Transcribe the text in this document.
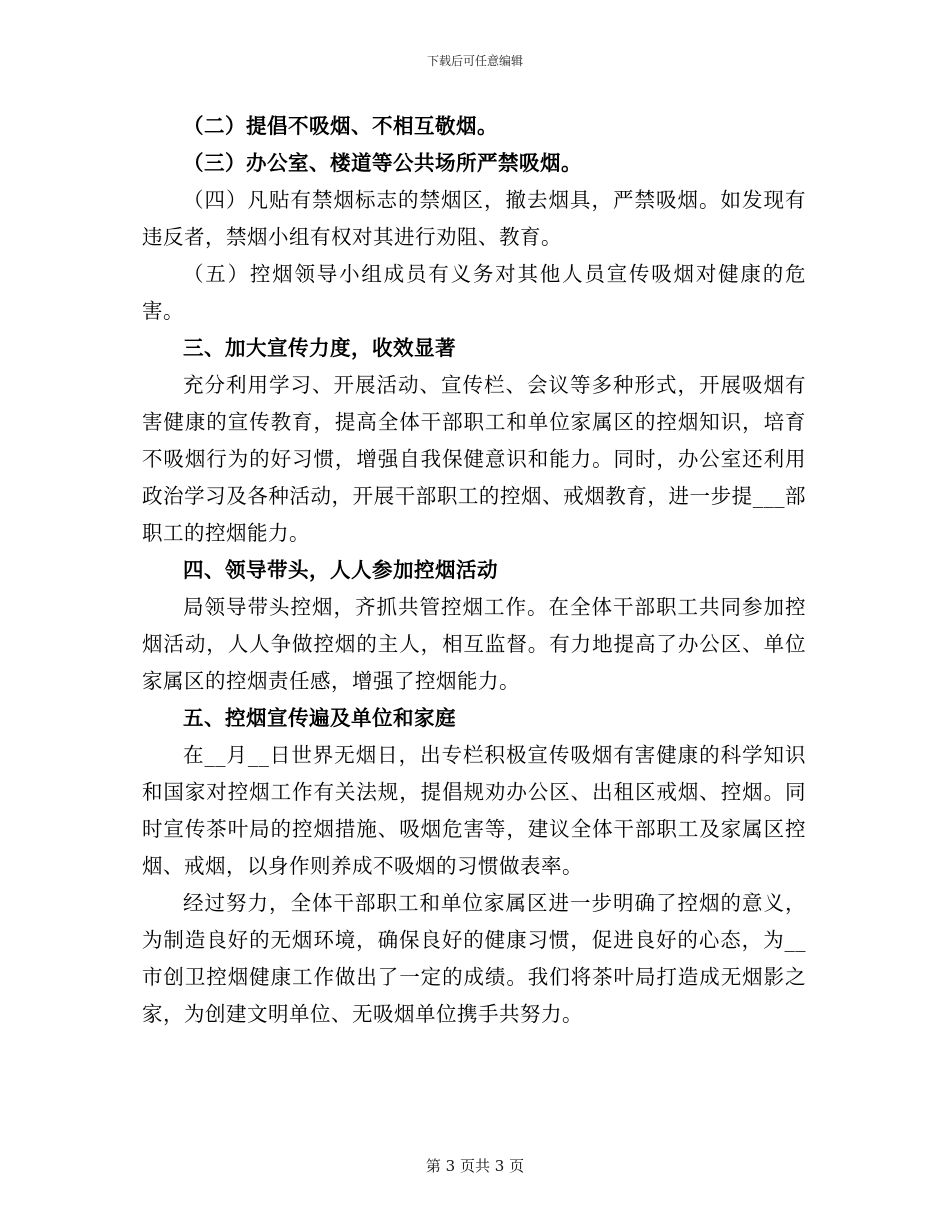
下载后可任意编辑

（二）提倡不吸烟、不相互敬烟。

（三）办公室、楼道等公共场所严禁吸烟。

（四）凡贴有禁烟标志的禁烟区，撤去烟具，严禁吸烟。如发现有违反者，禁烟小组有权对其进行劝阻、教育。

（五）控烟领导小组成员有义务对其他人员宣传吸烟对健康的危害。

三、加大宣传力度，收效显著

充分利用学习、开展活动、宣传栏、会议等多种形式，开展吸烟有害健康的宣传教育，提高全体干部职工和单位家属区的控烟知识，培育不吸烟行为的好习惯，增强自我保健意识和能力。同时，办公室还利用政治学习及各种活动，开展干部职工的控烟、戒烟教育，进一步提___部职工的控烟能力。

四、领导带头，人人参加控烟活动

局领导带头控烟，齐抓共管控烟工作。在全体干部职工共同参加控烟活动，人人争做控烟的主人，相互监督。有力地提高了办公区、单位家属区的控烟责任感，增强了控烟能力。

五、控烟宣传遍及单位和家庭

在__月__日世界无烟日，出专栏积极宣传吸烟有害健康的科学知识和国家对控烟工作有关法规，提倡规劝办公区、出租区戒烟、控烟。同时宣传茶叶局的控烟措施、吸烟危害等，建议全体干部职工及家属区控烟、戒烟，以身作则养成不吸烟的习惯做表率。

经过努力，全体干部职工和单位家属区进一步明确了控烟的意义，为制造良好的无烟环境，确保良好的健康习惯，促进良好的心态，为__市创卫控烟健康工作做出了一定的成绩。我们将茶叶局打造成无烟影之家，为创建文明单位、无吸烟单位携手共努力。

第 3 页共 3 页
